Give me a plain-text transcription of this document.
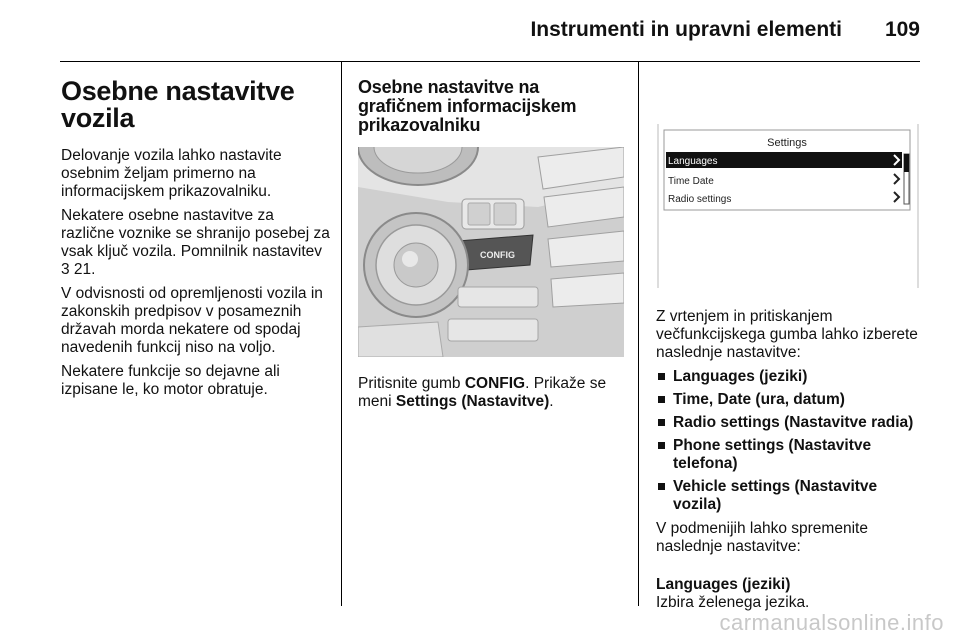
Instrumenti in upravni elementi 109
Osebne nastavitve vozila

Delovanje vozila lahko nastavite osebnim željam primerno na informacijskem prikazovalniku.

Nekatere osebne nastavitve za različne voznike se shranijo posebej za vsak ključ vozila. Pomnilnik nastavitev 3 21.

V odvisnosti od opremljenosti vozila in zakonskih predpisov v posameznih državah morda nekatere od spodaj navedenih funkcij niso na voljo.

Nekatere funkcije so dejavne ali izpisane le, ko motor obratuje.

Osebne nastavitve na grafičnem informacijskem prikazovalniku
CONFIG

Pritisnite gumb CONFIG. Prikaže se meni Settings (Nastavitve).

Settings
Languages
Time Date
Radio settings

Z vrtenjem in pritiskanjem večfunkcijskega gumba lahko izberete naslednje nastavitve:

Languages (jeziki)
Time, Date (ura, datum)
Radio settings (Nastavitve radia)
Phone settings (Nastavitve telefona)
Vehicle settings (Nastavitve vozila)

V podmenijih lahko spremenite naslednje nastavitve:

Languages (jeziki)

Izbira želenega jezika.

carmanualsonline.info
